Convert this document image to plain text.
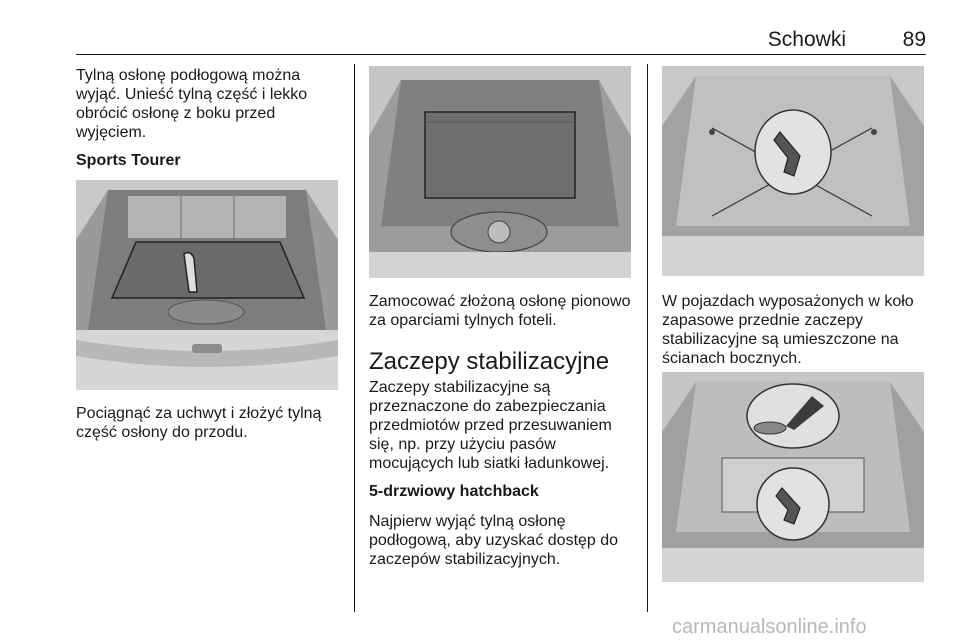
Schowki	89
Tylną osłonę podłogową można
wyjąć. Unieść tylną część i lekko
obrócić osłonę z boku przed
wyjęciem.
Sports Tourer
Pociągnąć za uchwyt i złożyć tylną
część osłony do przodu.
Zamocować złożoną osłonę pionowo
za oparciami tylnych foteli.
Zaczepy stabilizacyjne
Zaczepy stabilizacyjne są
przeznaczone do zabezpieczania
przedmiotów przed przesuwaniem
się, np. przy użyciu pasów
mocujących lub siatki ładunkowej.
5-drzwiowy hatchback
Najpierw wyjąć tylną osłonę
podłogową, aby uzyskać dostęp do
zaczepów stabilizacyjnych.
W pojazdach wyposażonych w koło
zapasowe przednie zaczepy
stabilizacyjne są umieszczone na
ścianach bocznych.
carmanualsonline.info
